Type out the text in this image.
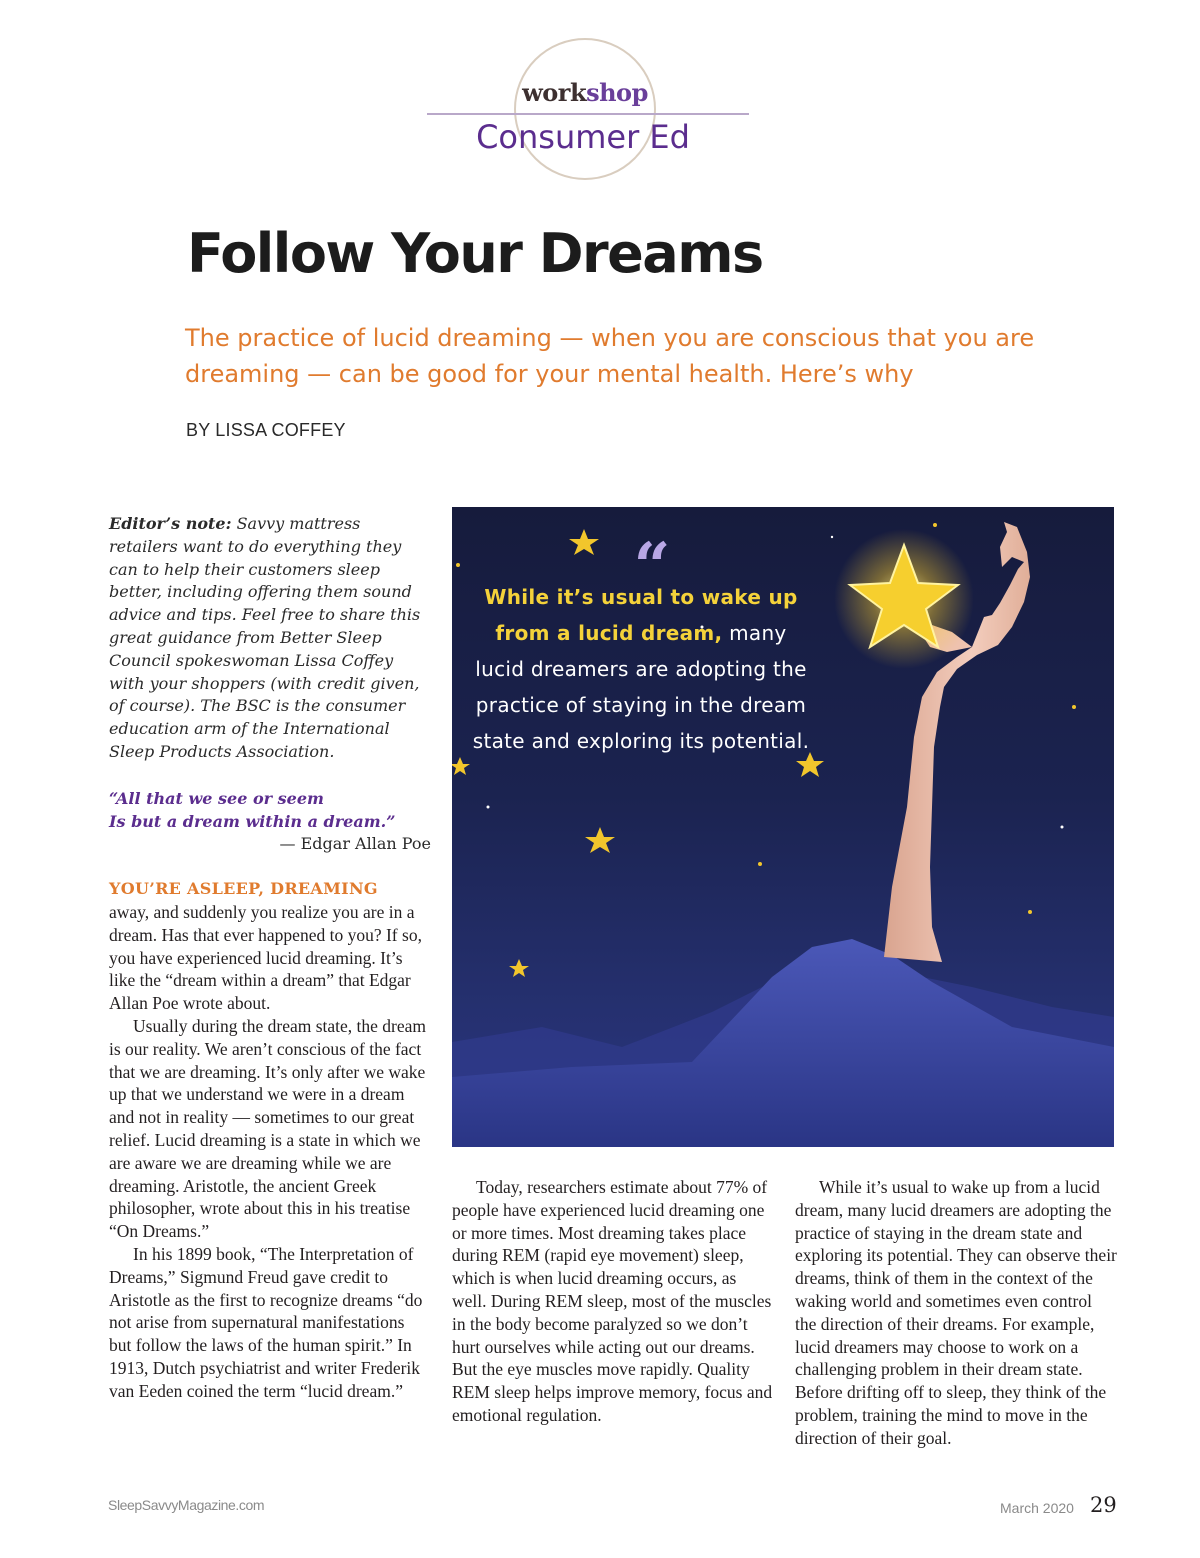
workshop
Consumer Ed
Follow Your Dreams
The practice of lucid dreaming — when you are conscious that you are dreaming — can be good for your mental health. Here’s why
BY LISSA COFFEY
Editor’s note: Savvy mattress retailers want to do everything they can to help their customers sleep better, including offering them sound advice and tips. Feel free to share this great guidance from Better Sleep Council spokeswoman Lissa Coffey with your shoppers (with credit given, of course). The BSC is the consumer education arm of the International Sleep Products Association.
“All that we see or seem
Is but a dream within a dream.”
— Edgar Allan Poe
YOU’RE ASLEEP, DREAMING

away, and suddenly you realize you are in a dream. Has that ever happened to you? If so, you have experienced lucid dreaming. It’s like the “dream within a dream” that Edgar Allan Poe wrote about.

Usually during the dream state, the dream is our reality. We aren’t conscious of the fact that we are dreaming. It’s only after we wake up that we understand we were in a dream and not in reality — sometimes to our great relief. Lucid dreaming is a state in which we are aware we are dreaming while we are dreaming. Aristotle, the ancient Greek philosopher, wrote about this in his treatise “On Dreams.”

In his 1899 book, “The Interpretation of Dreams,” Sigmund Freud gave credit to Aristotle as the first to recognize dreams “do not arise from supernatural manifestations but follow the laws of the human spirit.” In 1913, Dutch psychiatrist and writer Frederik van Eeden coined the term “lucid dream.”

“
While it’s usual to wake up from a lucid dream, many lucid dreamers are adopting the practice of staying in the dream state and exploring its potential.

Today, researchers estimate about 77% of people have experienced lucid dreaming one or more times. Most dreaming takes place during REM (rapid eye movement) sleep, which is when lucid dreaming occurs, as well. During REM sleep, most of the muscles in the body become paralyzed so we don’t hurt ourselves while acting out our dreams. But the eye muscles move rapidly. Quality REM sleep helps improve memory, focus and emotional regulation.

While it’s usual to wake up from a lucid dream, many lucid dreamers are adopting the practice of staying in the dream state and exploring its potential. They can observe their dreams, think of them in the context of the waking world and sometimes even control the direction of their dreams. For example, lucid dreamers may choose to work on a challenging problem in their dream state. Before drifting off to sleep, they think of the problem, training the mind to move in the direction of their goal.

SleepSavvyMagazine.com	March 2020 29
